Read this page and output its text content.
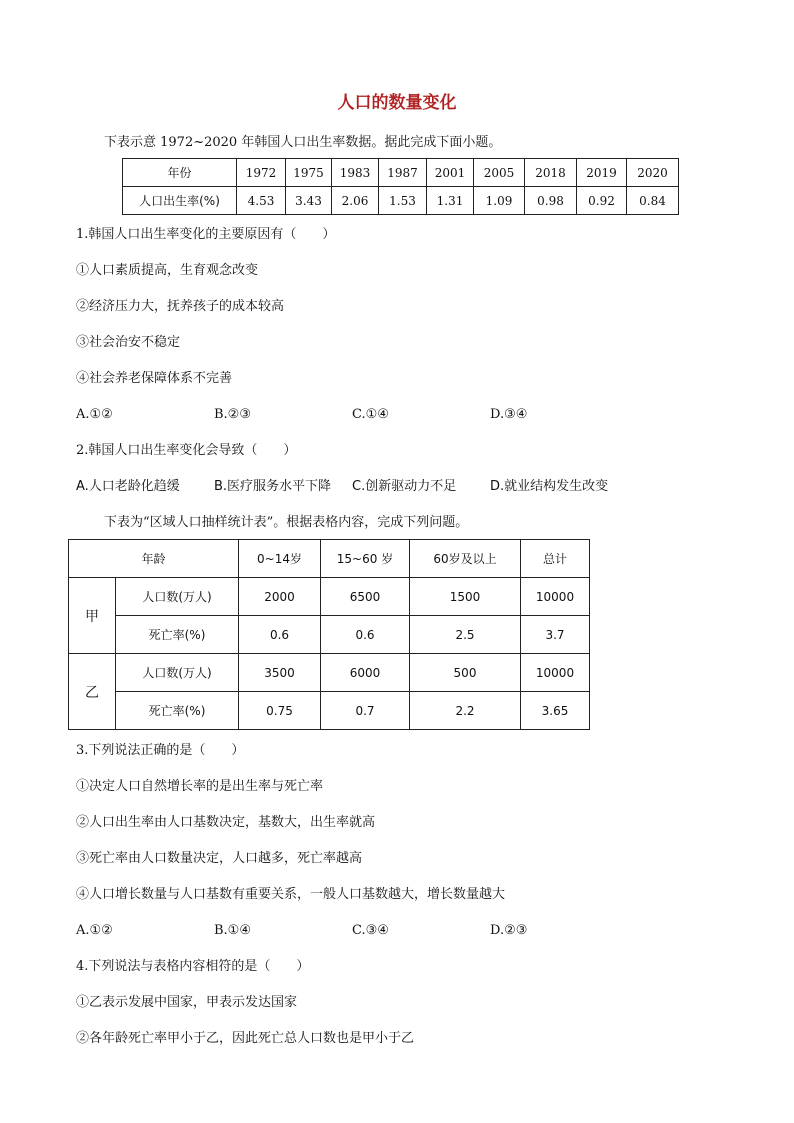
人口的数量变化
下表示意 1972~2020 年韩国人口出生率数据。据此完成下面小题。
年份	1972	1975	1983	1987	2001	2005	2018	2019	2020
人口出生率(%)	4.53	3.43	2.06	1.53	1.31	1.09	0.98	0.92	0.84
1.韩国人口出生率变化的主要原因有（　　）
①人口素质提高，生育观念改变
②经济压力大，抚养孩子的成本较高
③社会治安不稳定
④社会养老保障体系不完善
A.①②	B.②③	C.①④	D.③④
2.韩国人口出生率变化会导致（　　）
A.人口老龄化趋缓	B.医疗服务水平下降 C.创新驱动力不足	D.就业结构发生改变
下表为“区域人口抽样统计表”。根据表格内容，完成下列问题。
年龄		0~14岁	15~60 岁	60岁及以上	总计
甲	人口数(万人)	2000	6500	1500	10000
	死亡率(%)	0.6	0.6	2.5	3.7
乙	人口数(万人)	3500	6000	500	10000
	死亡率(%)	0.75	0.7	2.2	3.65
3.下列说法正确的是（　　）
①决定人口自然增长率的是出生率与死亡率
②人口出生率由人口基数决定，基数大，出生率就高
③死亡率由人口数量决定，人口越多，死亡率越高
④人口增长数量与人口基数有重要关系，一般人口基数越大，增长数量越大
A.①②	B.①④	C.③④	D.②③
4.下列说法与表格内容相符的是（　　）
①乙表示发展中国家，甲表示发达国家
②各年龄死亡率甲小于乙，因此死亡总人口数也是甲小于乙
